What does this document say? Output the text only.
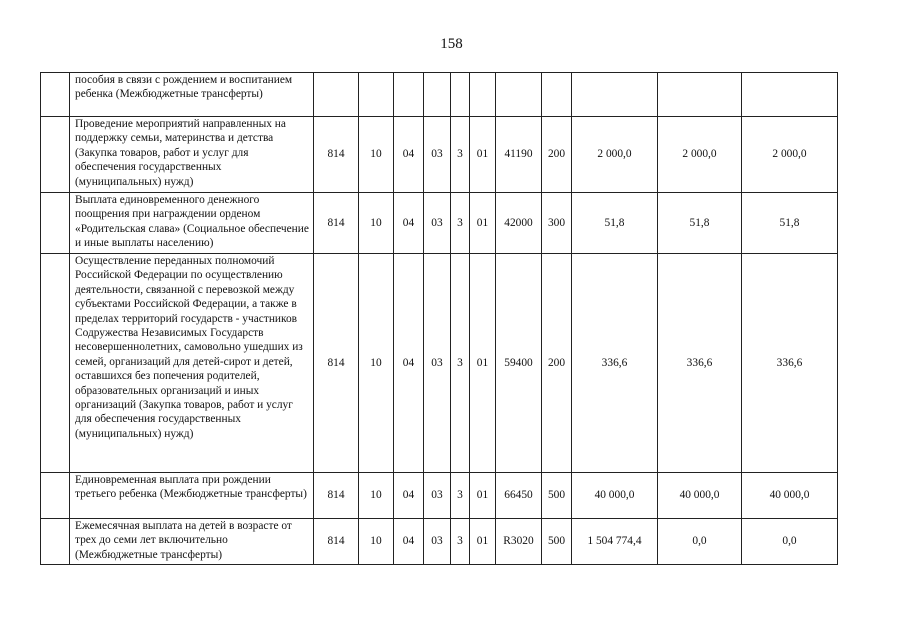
158
	пособия в связи с рождением и воспитанием ребенка (Межбюджетные трансферты)											
	Проведение мероприятий направленных на поддержку семьи, материнства и детства (Закупка товаров, работ и услуг для обеспечения государственных (муниципальных) нужд)	814	10	04	03	3	01	41190	200	2 000,0	2 000,0	2 000,0
	Выплата единовременного денежного поощрения при награждении орденом «Родительская слава» (Социальное обеспечение и иные выплаты населению)	814	10	04	03	3	01	42000	300	51,8	51,8	51,8
	Осуществление переданных полномочий Российской Федерации по осуществлению деятельности, связанной с перевозкой между субъектами Российской Федерации, а также в пределах территорий государств - участников Содружества Независимых Государств несовершеннолетних, самовольно ушедших из семей, организаций для детей-сирот и детей, оставшихся без попечения родителей, образовательных организаций и иных организаций (Закупка товаров, работ и услуг для обеспечения государственных (муниципальных) нужд)	814	10	04	03	3	01	59400	200	336,6	336,6	336,6
	Единовременная выплата при рождении третьего ребенка (Межбюджетные трансферты)	814	10	04	03	3	01	66450	500	40 000,0	40 000,0	40 000,0
	Ежемесячная выплата на детей в возрасте от трех до семи лет включительно (Межбюджетные трансферты)	814	10	04	03	3	01	R3020	500	1 504 774,4	0,0	0,0
